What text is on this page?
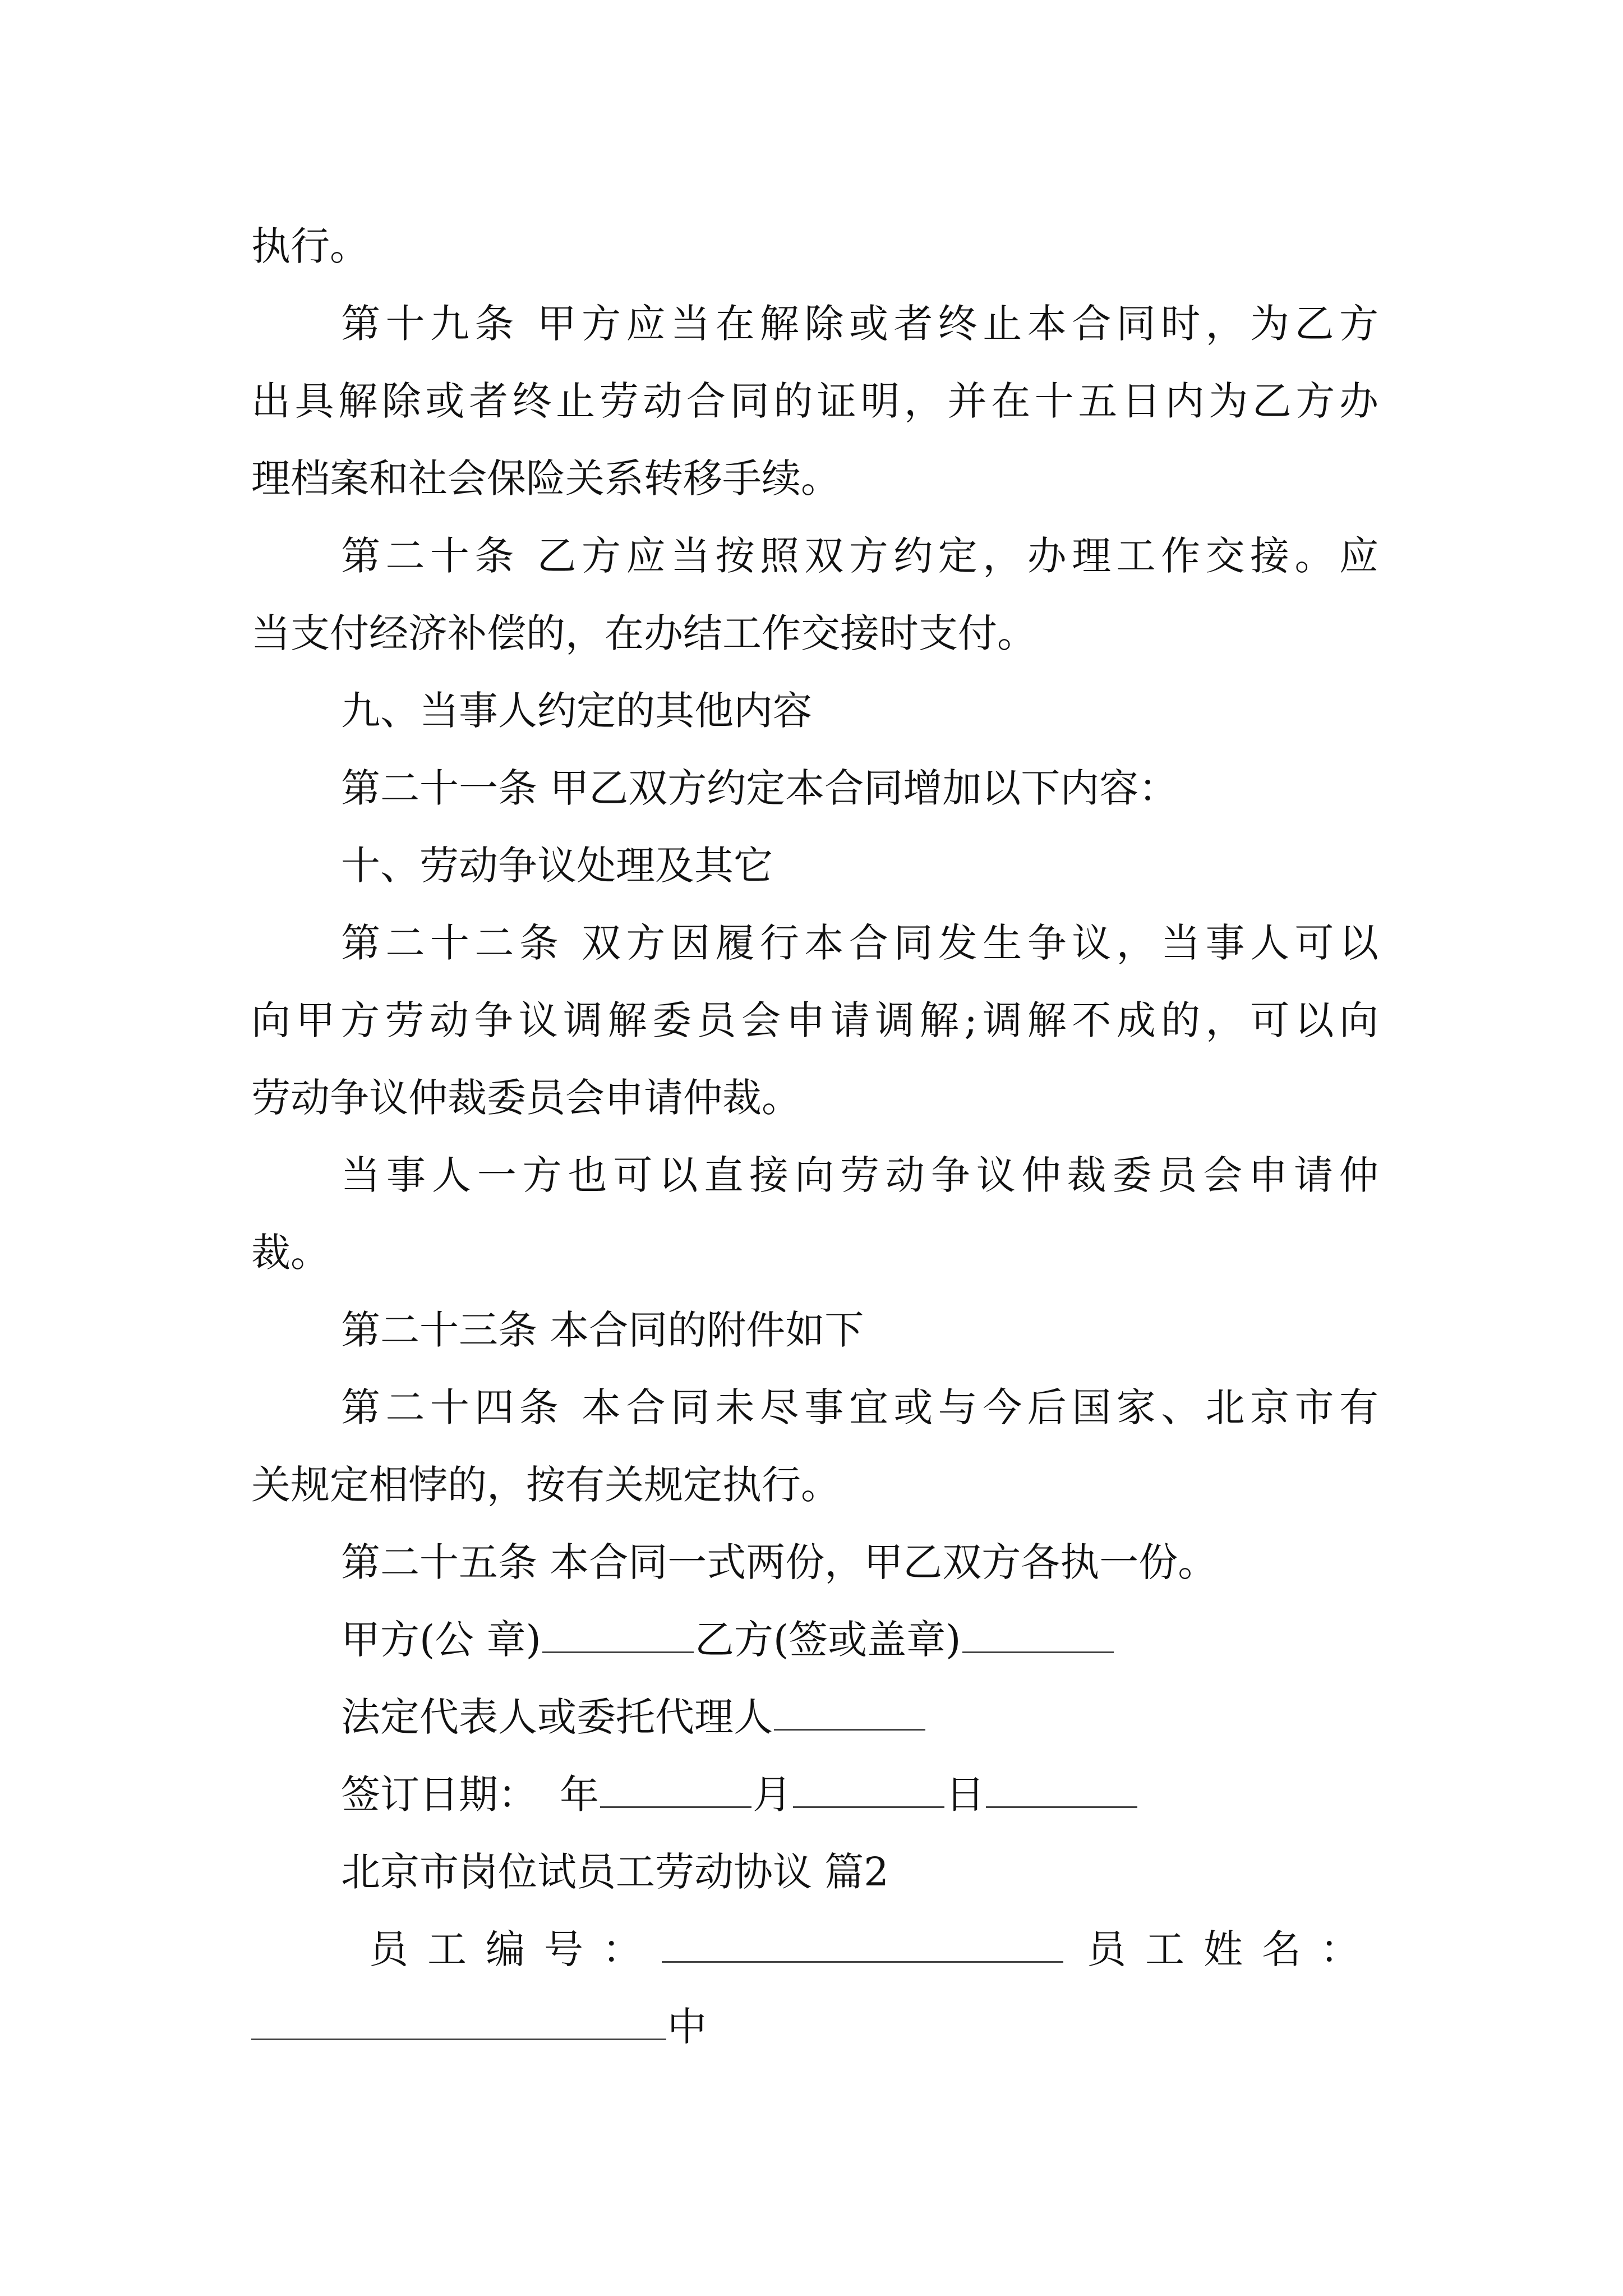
执行。
第十九条 甲方应当在解除或者终止本合同时，为乙方
出具解除或者终止劳动合同的证明，并在十五日内为乙方办
理档案和社会保险关系转移手续。
第二十条 乙方应当按照双方约定，办理工作交接。应
当支付经济补偿的，在办结工作交接时支付。
九、当事人约定的其他内容
第二十一条 甲乙双方约定本合同增加以下内容：
十、劳动争议处理及其它
第二十二条 双方因履行本合同发生争议，当事人可以
向甲方劳动争议调解委员会申请调解;调解不成的，可以向
劳动争议仲裁委员会申请仲裁。
当事人一方也可以直接向劳动争议仲裁委员会申请仲
裁。
第二十三条 本合同的附件如下
第二十四条 本合同未尽事宜或与今后国家、北京市有
关规定相悖的，按有关规定执行。
第二十五条 本合同一式两份，甲乙双方各执一份。
甲方(公 章)	乙方(签或盖章)
法定代表人或委托代理人
签订日期： 年	月	日
北京市岗位试员工劳动协议 篇2
员工编号：	员工姓名：
中
